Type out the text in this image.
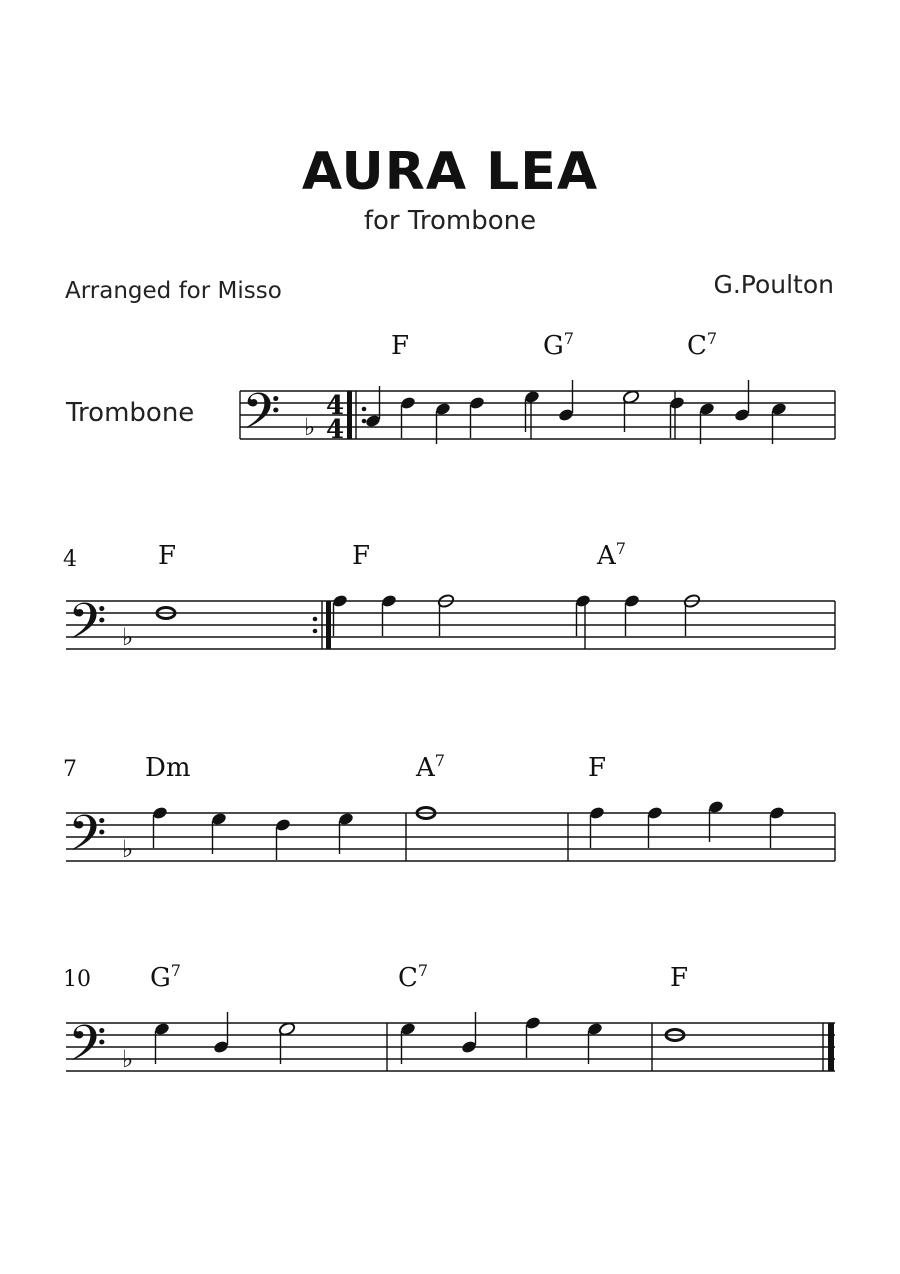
AURA LEA
for Trombone
Arranged for Misso	G.Poulton
Trombone 𝄢 ♭
4
4
F	$G^7$	$C^7$
4
𝄢 ♭
F	F	$A^7$
7
𝄢 ♭
Dm	$A^7$	F
10
𝄢 ♭
$G^7$	$C^7$	F
